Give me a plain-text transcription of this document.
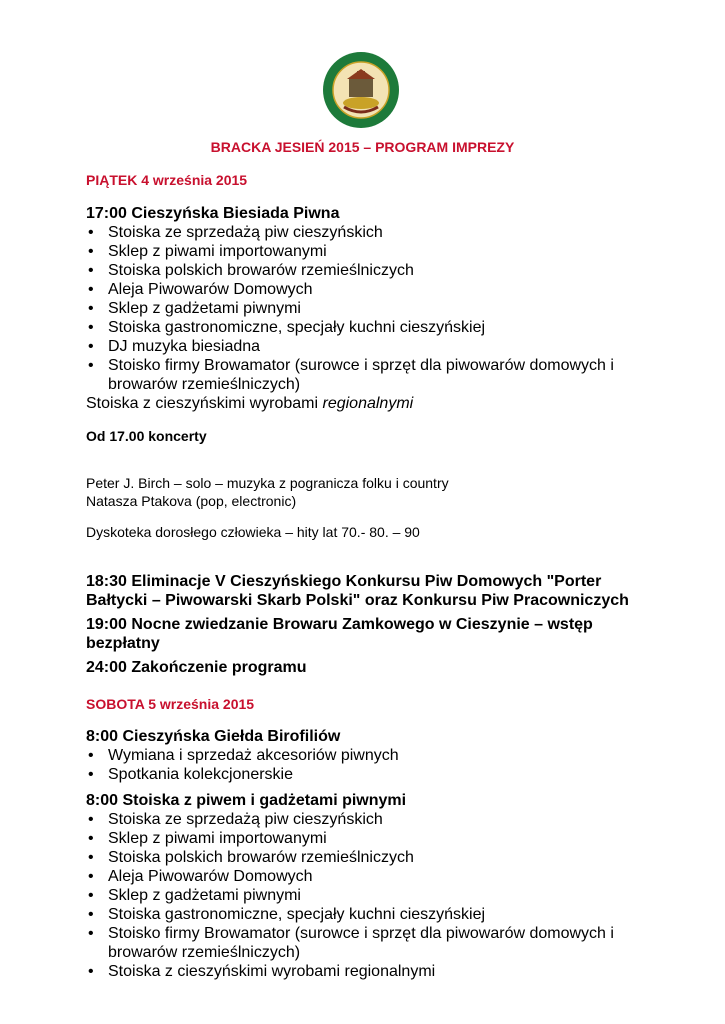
BRACKA JESIEŃ 2015 – PROGRAM IMPREZY
PIĄTEK 4 września 2015
17:00 Cieszyńska Biesiada Piwna
• Stoiska ze sprzedażą piw cieszyńskich
• Sklep z piwami importowanymi
• Stoiska polskich browarów rzemieślniczych
• Aleja Piwowarów Domowych
• Sklep z gadżetami piwnymi
• Stoiska gastronomiczne, specjały kuchni cieszyńskiej
• DJ muzyka biesiadna
• Stoisko firmy Browamator (surowce i sprzęt dla piwowarów domowych i browarów rzemieślniczych)
Stoiska z cieszyńskimi wyrobami regionalnymi
Od 17.00 koncerty
Peter J. Birch – solo – muzyka z pogranicza folku i country
Natasza Ptakova (pop, electronic)
Dyskoteka dorosłego człowieka – hity lat 70.- 80. – 90
18:30 Eliminacje V Cieszyńskiego Konkursu Piw Domowych "Porter Bałtycki – Piwowarski Skarb Polski" oraz Konkursu Piw Pracowniczych
19:00 Nocne zwiedzanie Browaru Zamkowego w Cieszynie – wstęp bezpłatny
24:00 Zakończenie programu
SOBOTA 5 września 2015
8:00 Cieszyńska Giełda Birofiliów
• Wymiana i sprzedaż akcesoriów piwnych
• Spotkania kolekcjonerskie
8:00 Stoiska z piwem i gadżetami piwnymi
• Stoiska ze sprzedażą piw cieszyńskich
• Sklep z piwami importowanymi
• Stoiska polskich browarów rzemieślniczych
• Aleja Piwowarów Domowych
• Sklep z gadżetami piwnymi
• Stoiska gastronomiczne, specjały kuchni cieszyńskiej
• Stoisko firmy Browamator (surowce i sprzęt dla piwowarów domowych i browarów rzemieślniczych)
• Stoiska z cieszyńskimi wyrobami regionalnymi
